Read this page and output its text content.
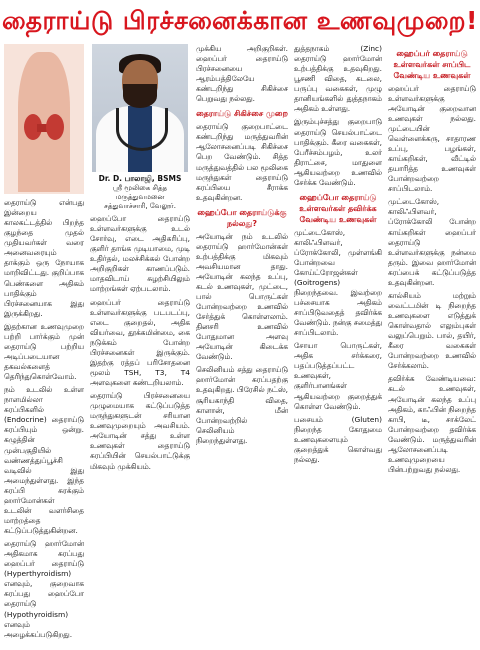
தைராய்டு பிரச்சனைக்கான உணவுமுறை!

தைராய்டு என்பது இன்றைய காலகட்டத்தில் பிறந்த குழந்தை முதல் முதியவர்கள் வரை அனைவரையும் தாக்கும் ஒரு நோயாக மாறிவிட்டது. குறிப்பாக பெண்களை அதிகம் பாதிக்கும் பிரச்சனையாக இது இருக்கிறது.

இதற்கான உணவுமுறை பற்றி பார்க்கும் முன் தைராய்டு பற்றிய அடிப்படையான தகவல்களைத் தெரிந்துகொள்வோம்.

நம் உடலில் உள்ள நாளமில்லா சுரப்பிகளில் (Endocrine) தைராய்டு சுரப்பியும் ஒன்று. கழுத்தின் முன்பகுதியில் வண்ணத்துப்பூச்சி வடிவில் இது அமைந்துள்ளது. இந்த சுரப்பி சுரக்கும் ஹார்மோன்கள் உடலின் வளர்சிதை மாற்றத்தை கட்டுப்படுத்துகின்றன.

தைராய்டு ஹார்மோன் அதிகமாக சுரப்பது ஹைப்பர் தைராய்டு (Hyperthyroidism) எனவும், குறைவாக சுரப்பது ஹைப்போ தைராய்டு (Hypothyroidism) எனவும் அழைக்கப்படுகிறது.

Dr. D. பாலாஜி, BSMS
ஸ்ரீ மூலிகை சித்த மருத்துவமனை
சத்துவாச்சாரி, வேலூர்.

ஹைப்போ தைராய்டு உள்ளவர்களுக்கு உடல் சோர்வு, எடை அதிகரிப்பு, குளிர் தாங்க முடியாமை, முடி உதிர்தல், மலச்சிக்கல் போன்ற அறிகுறிகள் காணப்படும். மாதவிடாய் சுழற்சியிலும் மாற்றங்கள் ஏற்படலாம்.

ஹைப்பர் தைராய்டு உள்ளவர்களுக்கு படபடப்பு, எடை குறைதல், அதிக வியர்வை, தூக்கமின்மை, கை நடுக்கம் போன்ற பிரச்சனைகள் இருக்கும். இதற்கு ரத்தப் பரிசோதனை மூலம் TSH, T3, T4 அளவுகளை கண்டறியலாம்.

தைராய்டு பிரச்சனையை முழுமையாக கட்டுப்படுத்த மருந்துகளுடன் சரியான உணவுமுறையும் அவசியம். அயோடின் சத்து உள்ள உணவுகள் தைராய்டு சுரப்பியின் செயல்பாட்டுக்கு மிகவும் முக்கியம்.

முக்கிய அறிகுறிகள். ஹைப்பர் தைராய்டு பிரச்சனையை ஆரம்பத்திலேயே கண்டறிந்து சிகிச்சை பெறுவது நல்லது.

தைராய்டு சிகிச்சை முறை

தைராய்டு குறைபாட்டை கண்டறிந்து மருத்துவரின் ஆலோசனைப்படி சிகிச்சை பெற வேண்டும். சித்த மருத்துவத்தில் பல மூலிகை மருந்துகள் தைராய்டு சுரப்பியை சீராக்க உதவுகின்றன.

ஹைப்போ தைராய்டுக்கு நல்லது?

அயோடின் நம் உடலில் தைராய்டு ஹார்மோன்கள் உற்பத்திக்கு மிகவும் அவசியமான தாது. அயோடின் கலந்த உப்பு, கடல் உணவுகள், முட்டை, பால் பொருட்கள் போன்றவற்றை உணவில் சேர்த்துக் கொள்ளலாம். தினசரி உணவில் போதுமான அளவு அயோடின் கிடைக்க வேண்டும்.

செலினியம் சத்து தைராய்டு ஹார்மோன் சுரப்பதற்கு உதவுகிறது. பிரேசில் நட்ஸ், சூரியகாந்தி விதை, காளான், மீன் போன்றவற்றில் செலினியம் நிறைந்துள்ளது.

துத்தநாகம் (Zinc) தைராய்டு ஹார்மோன் உற்பத்திக்கு உதவுகிறது. பூசணி விதை, கடலை, பருப்பு வகைகள், முழு தானியங்களில் துத்தநாகம் அதிகம் உள்ளது.

இரும்புச்சத்து குறைபாடு தைராய்டு செயல்பாட்டை பாதிக்கும். கீரை வகைகள், பேரீச்சம்பழம், உலர் திராட்சை, மாதுளை ஆகியவற்றை உணவில் சேர்க்க வேண்டும்.

ஹைப்போ தைராய்டு உள்ளவர்கள் தவிர்க்க வேண்டிய உணவுகள்

முட்டைகோஸ், காலிஃபிளவர், ப்ரோக்கோலி, முள்ளங்கி போன்றவை கோய்ட்ரோஜன்கள் (Goitrogens) நிறைந்தவை. இவற்றை பச்சையாக அதிகம் சாப்பிடுவதைத் தவிர்க்க வேண்டும். நன்கு சமைத்து சாப்பிடலாம்.

சோயா பொருட்கள், அதிக சர்க்கரை, பதப்படுத்தப்பட்ட உணவுகள், குளிர்பானங்கள் ஆகியவற்றை குறைத்துக் கொள்ள வேண்டும்.

பசையம் (Gluten) நிறைந்த கோதுமை உணவுகளையும் குறைத்துக் கொள்வது நல்லது.

ஹைப்பர் தைராய்டு உள்ளவர்கள் சாப்பிட வேண்டிய உணவுகள்

ஹைப்பர் தைராய்டு உள்ளவர்களுக்கு அயோடின் குறைவான உணவுகள் நல்லது. முட்டையின் வெள்ளைக்கரு, சாதாரண உப்பு, பழங்கள், காய்கறிகள், வீட்டில் தயாரித்த உணவுகள் போன்றவற்றை சாப்பிடலாம்.

முட்டைகோஸ், காலிஃபிளவர், ப்ரோக்கோலி போன்ற காய்கறிகள் ஹைப்பர் தைராய்டு உள்ளவர்களுக்கு நன்மை தரும். இவை ஹார்மோன் சுரப்பைக் கட்டுப்படுத்த உதவுகின்றன.

கால்சியம் மற்றும் வைட்டமின் டி நிறைந்த உணவுகளை எடுத்துக் கொள்வதால் எலும்புகள் வலுப்பெறும். பால், தயிர், கீரை வகைகள் போன்றவற்றை உணவில் சேர்க்கலாம்.

தவிர்க்க வேண்டியவை: கடல் உணவுகள், அயோடின் கலந்த உப்பு அதிகம், காஃபின் நிறைந்த காபி, டீ, சாக்லேட் போன்றவற்றை தவிர்க்க வேண்டும். மருத்துவரின் ஆலோசனைப்படி உணவுமுறையை பின்பற்றுவது நல்லது.
